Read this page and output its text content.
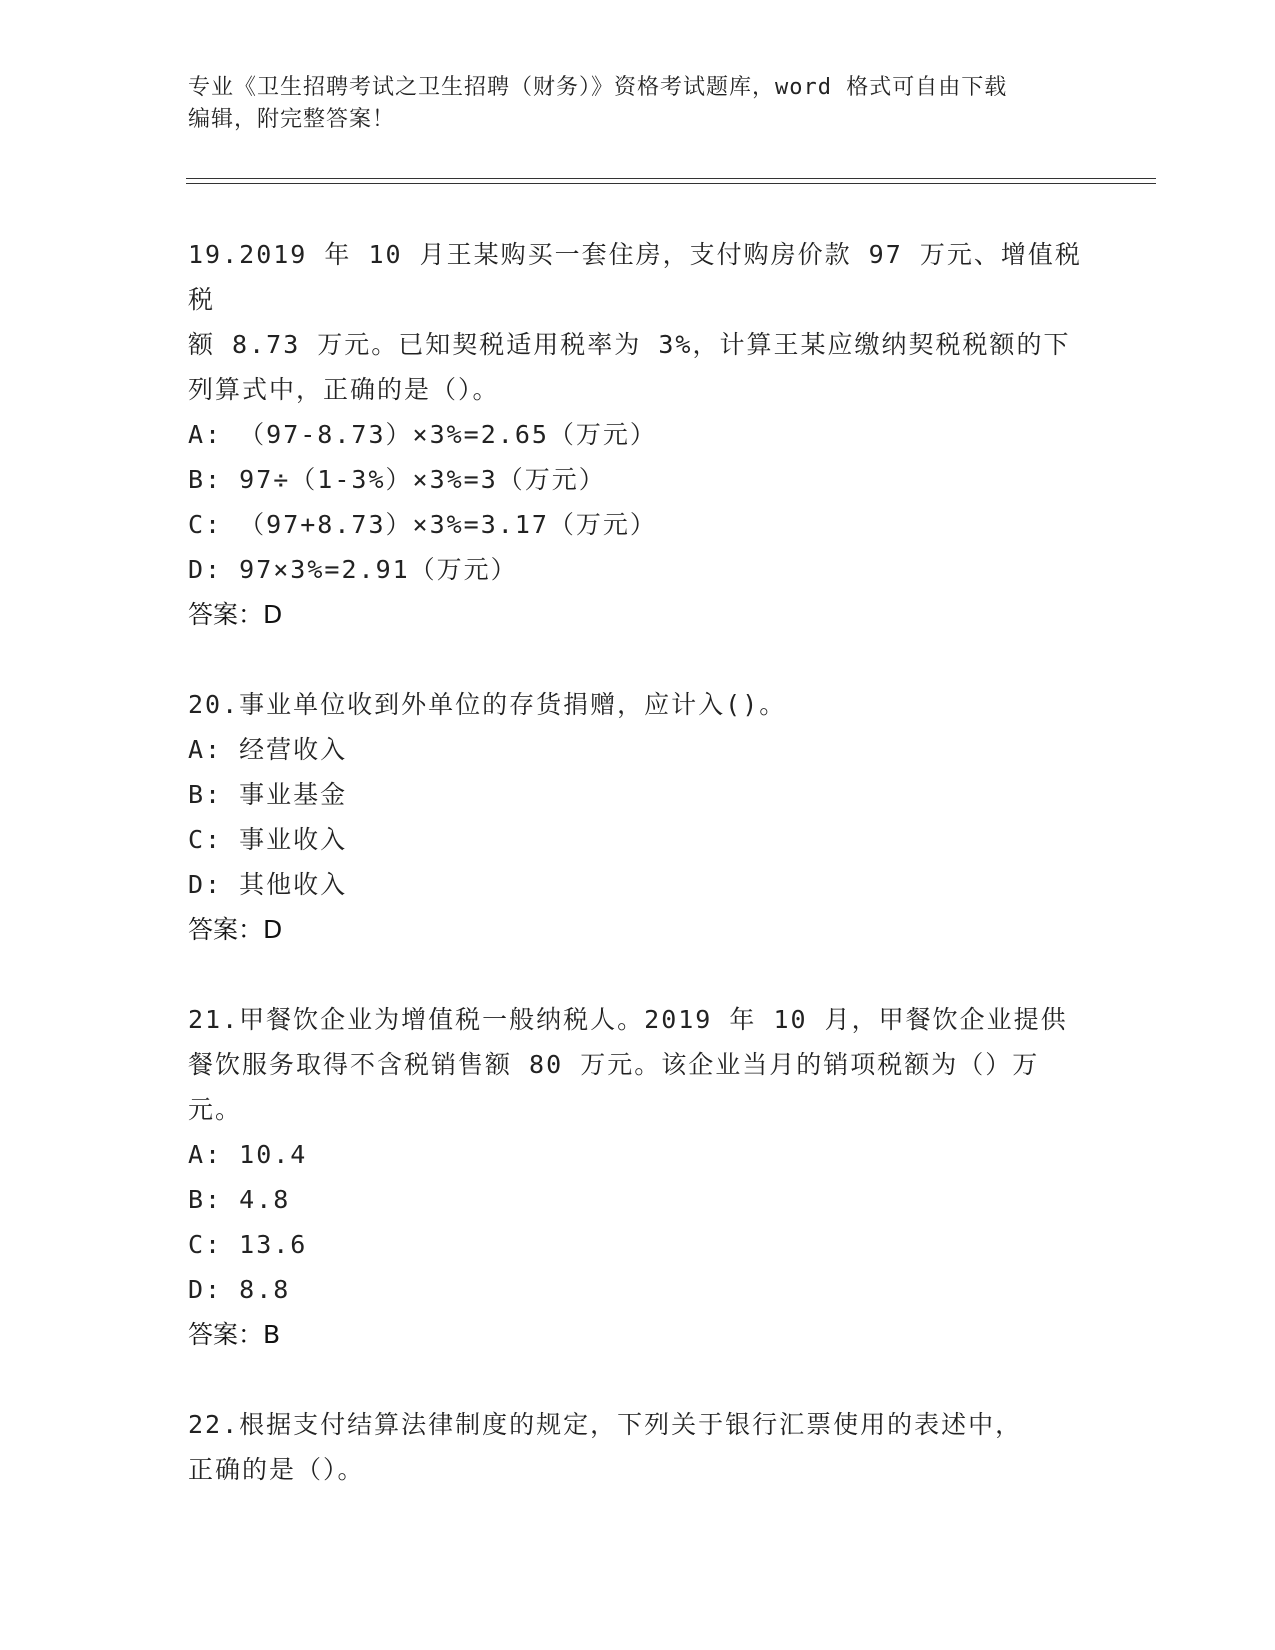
专业《卫生招聘考试之卫生招聘（财务）》资格考试题库，word 格式可自由下载
编辑，附完整答案！
19.2019 年 10 月王某购买一套住房，支付购房价款 97 万元、增值税税
额 8.73 万元。已知契税适用税率为 3%，计算王某应缴纳契税税额的下
列算式中，正确的是（）。
A: （97-8.73）×3%=2.65（万元）
B: 97÷（1-3%）×3%=3（万元）
C: （97+8.73）×3%=3.17（万元）
D: 97×3%=2.91（万元）
答案：D
20.事业单位收到外单位的存货捐赠，应计入()。
A: 经营收入
B: 事业基金
C: 事业收入
D: 其他收入
答案：D
21.甲餐饮企业为增值税一般纳税人。2019 年 10 月，甲餐饮企业提供
餐饮服务取得不含税销售额 80 万元。该企业当月的销项税额为（）万
元。
A: 10.4
B: 4.8
C: 13.6
D: 8.8
答案：B
22.根据支付结算法律制度的规定，下列关于银行汇票使用的表述中，
正确的是（）。
